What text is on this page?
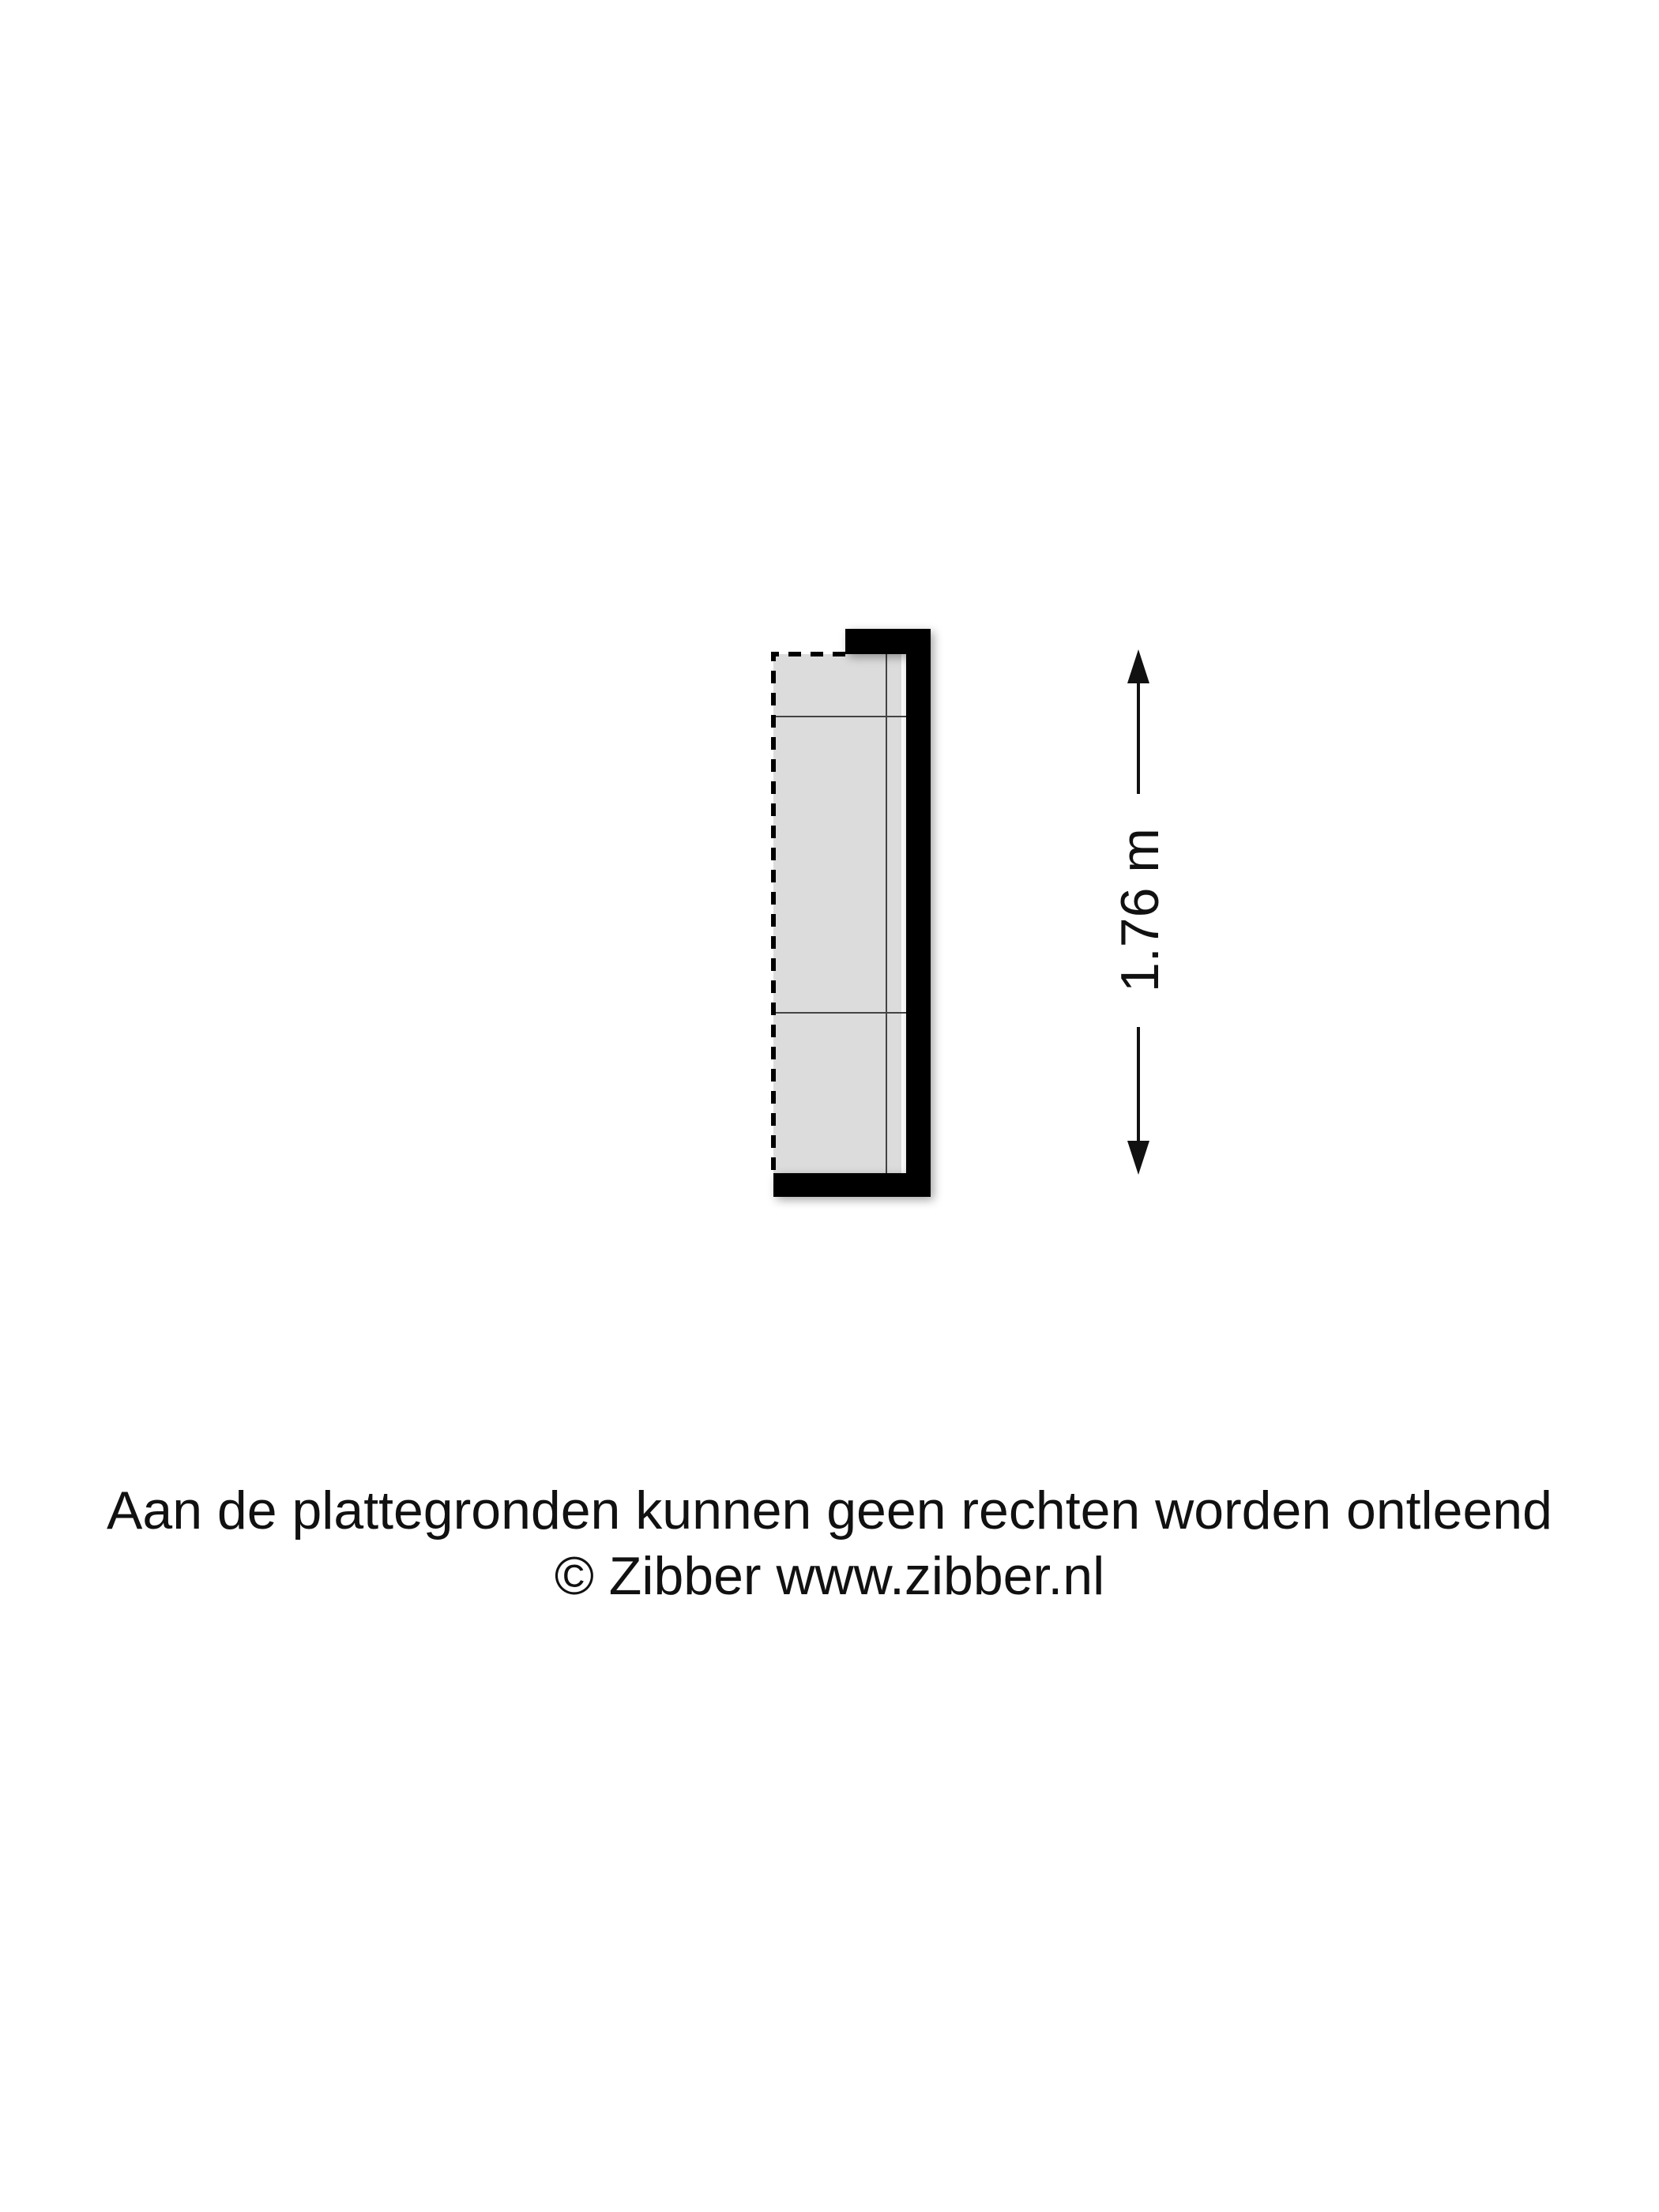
1.76 m
Aan de plattegronden kunnen geen rechten worden ontleend
© Zibber www.zibber.nl
